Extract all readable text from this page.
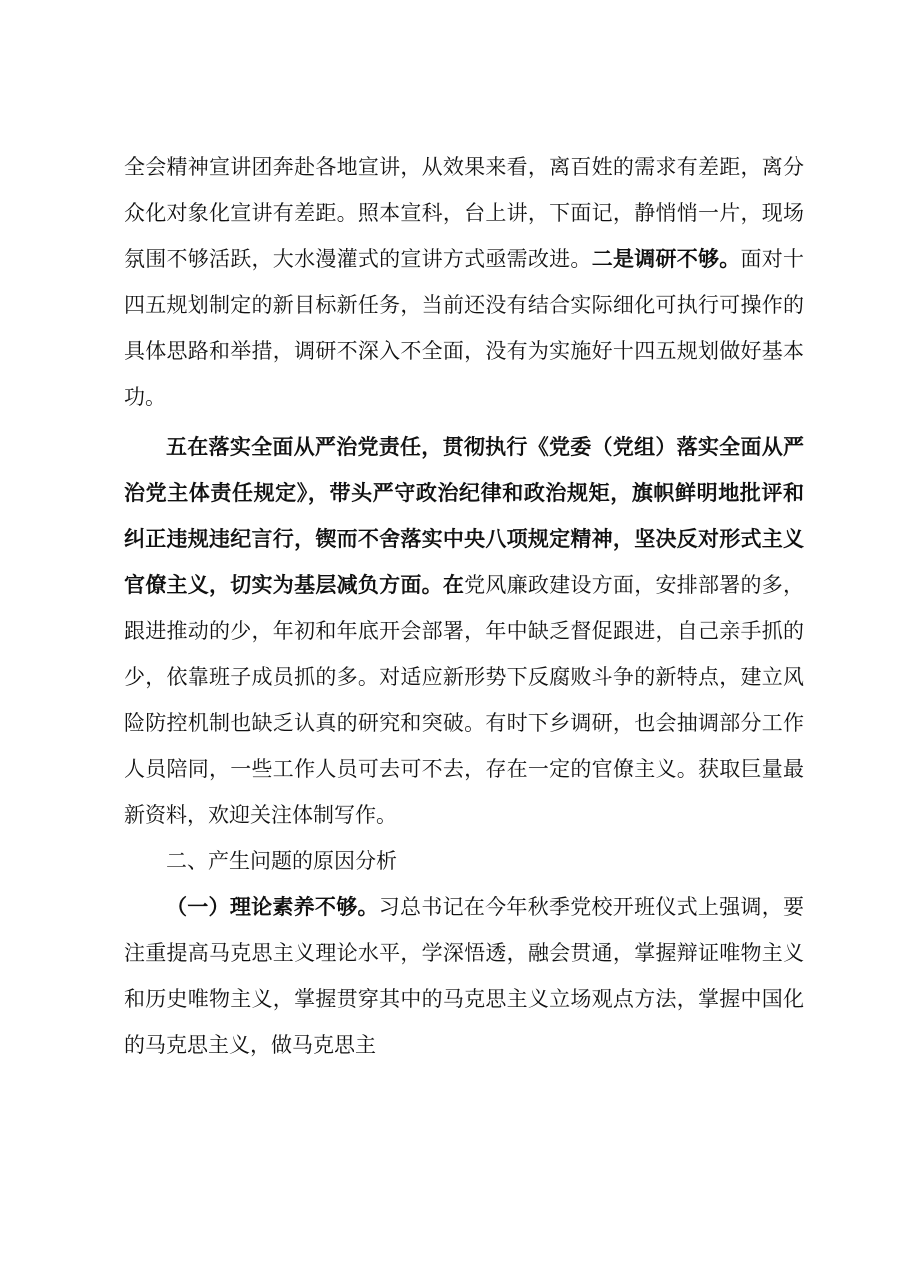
全会精神宣讲团奔赴各地宣讲，从效果来看，离百姓的需求有差距，离分众化对象化宣讲有差距。照本宣科，台上讲，下面记，静悄悄一片，现场氛围不够活跃，大水漫灌式的宣讲方式亟需改进。二是调研不够。面对十四五规划制定的新目标新任务，当前还没有结合实际细化可执行可操作的具体思路和举措，调研不深入不全面，没有为实施好十四五规划做好基本功。

五在落实全面从严治党责任，贯彻执行《党委（党组）落实全面从严治党主体责任规定》，带头严守政治纪律和政治规矩，旗帜鲜明地批评和纠正违规违纪言行，锲而不舍落实中央八项规定精神，坚决反对形式主义官僚主义，切实为基层减负方面。在党风廉政建设方面，安排部署的多，跟进推动的少，年初和年底开会部署，年中缺乏督促跟进，自己亲手抓的少，依靠班子成员抓的多。对适应新形势下反腐败斗争的新特点，建立风险防控机制也缺乏认真的研究和突破。有时下乡调研，也会抽调部分工作人员陪同，一些工作人员可去可不去，存在一定的官僚主义。获取巨量最新资料，欢迎关注体制写作。

二、产生问题的原因分析

（一）理论素养不够。习总书记在今年秋季党校开班仪式上强调，要注重提高马克思主义理论水平，学深悟透，融会贯通，掌握辩证唯物主义和历史唯物主义，掌握贯穿其中的马克思主义立场观点方法，掌握中国化的马克思主义，做马克思主
